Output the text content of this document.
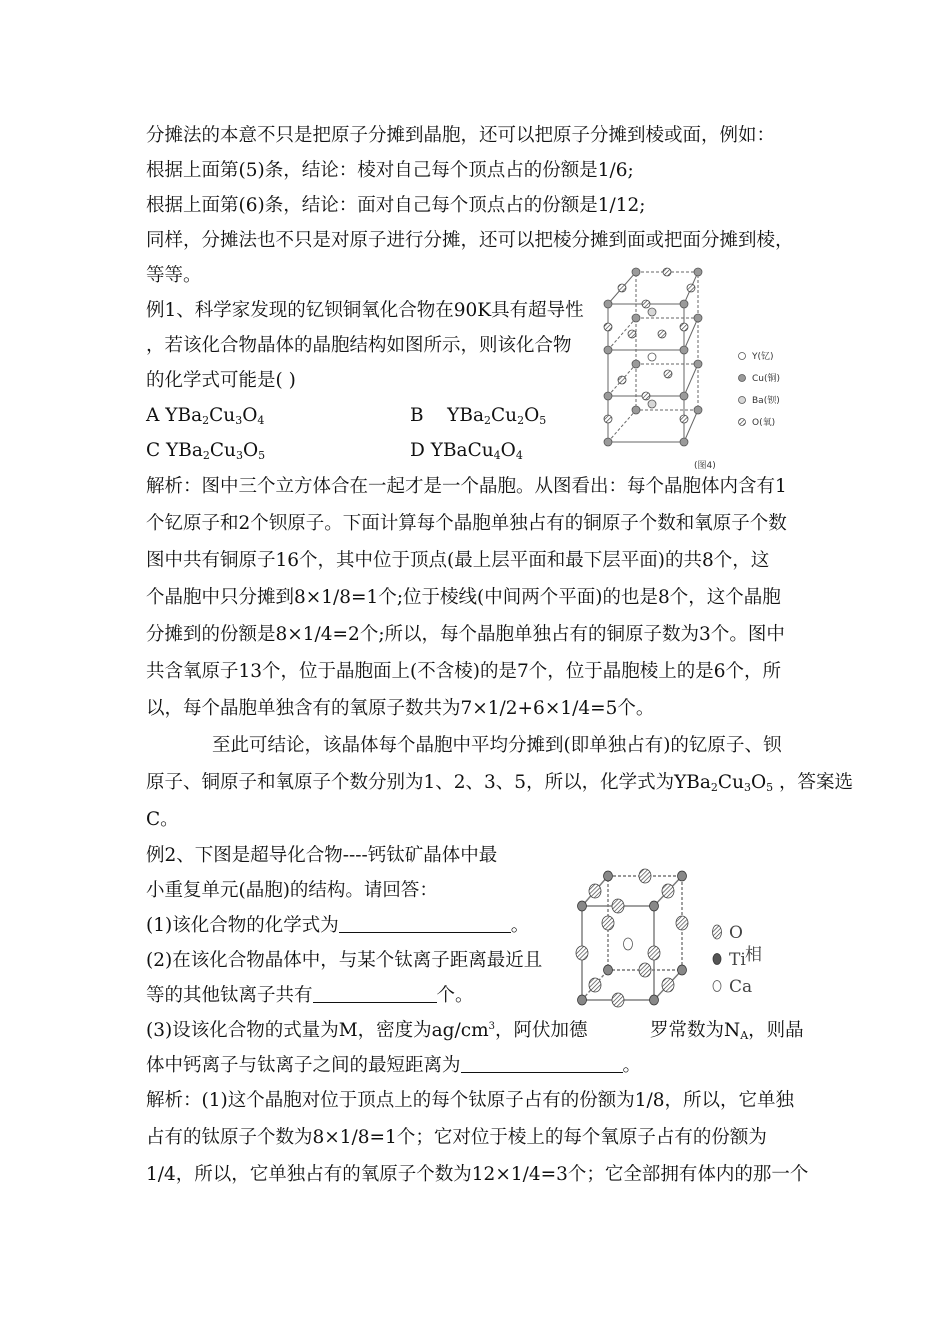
分摊法的本意不只是把原子分摊到晶胞，还可以把原子分摊到棱或面，例如：
根据上面第(5)条，结论：棱对自己每个顶点占的份额是1/6;
根据上面第(6)条，结论：面对自己每个顶点占的份额是1/12;
同样，分摊法也不只是对原子进行分摊，还可以把棱分摊到面或把面分摊到棱，
等等。
例1、科学家发现的钇钡铜氧化合物在90K具有超导性
，若该化合物晶体的晶胞结构如图所示，则该化合物
的化学式可能是( )
A $YBa_2Cu_3O_4$	B $YBa_2Cu_2O_5$
C $YBa_2Cu_3O_5$	D $YBaCu_4O_4$
解析：图中三个立方体合在一起才是一个晶胞。从图看出：每个晶胞体内含有1
个钇原子和2个钡原子。下面计算每个晶胞单独占有的铜原子个数和氧原子个数
图中共有铜原子16个，其中位于顶点(最上层平面和最下层平面)的共8个，这
个晶胞中只分摊到8×1/8=1个;位于棱线(中间两个平面)的也是8个，这个晶胞
分摊到的份额是8×1/4=2个;所以，每个晶胞单独占有的铜原子数为3个。图中
共含氧原子13个，位于晶胞面上(不含棱)的是7个，位于晶胞棱上的是6个，所
以，每个晶胞单独含有的氧原子数共为7×1/2+6×1/4=5个。
至此可结论，该晶体每个晶胞中平均分摊到(即单独占有)的钇原子、钡
原子、铜原子和氧原子个数分别为1、2、3、5，所以，化学式为$YBa_2Cu_3O_5$ ，答案选
C。
例2、下图是超导化合物----钙钛矿晶体中最
小重复单元(晶胞)的结构。请回答：
(1)该化合物的化学式为	。
(2)在该化合物晶体中，与某个钛离子距离最近且
等的其他钛离子共有	个。
(3)设该化合物的式量为M，密度为$ag/cm^3$，阿伏加德	罗常数为$N_A$，则晶
体中钙离子与钛离子之间的最短距离为	。
解析：(1)这个晶胞对位于顶点上的每个钛原子占有的份额为1/8，所以，它单独
占有的钛原子个数为8×1/8=1个；它对位于棱上的每个氧原子占有的份额为
1/4，所以，它单独占有的氧原子个数为12×1/4=3个；它全部拥有体内的那一个
Y(钇)
Cu(铜)
Ba(钡)
O(氧)
(图4)
O
Ti 相
Ca
